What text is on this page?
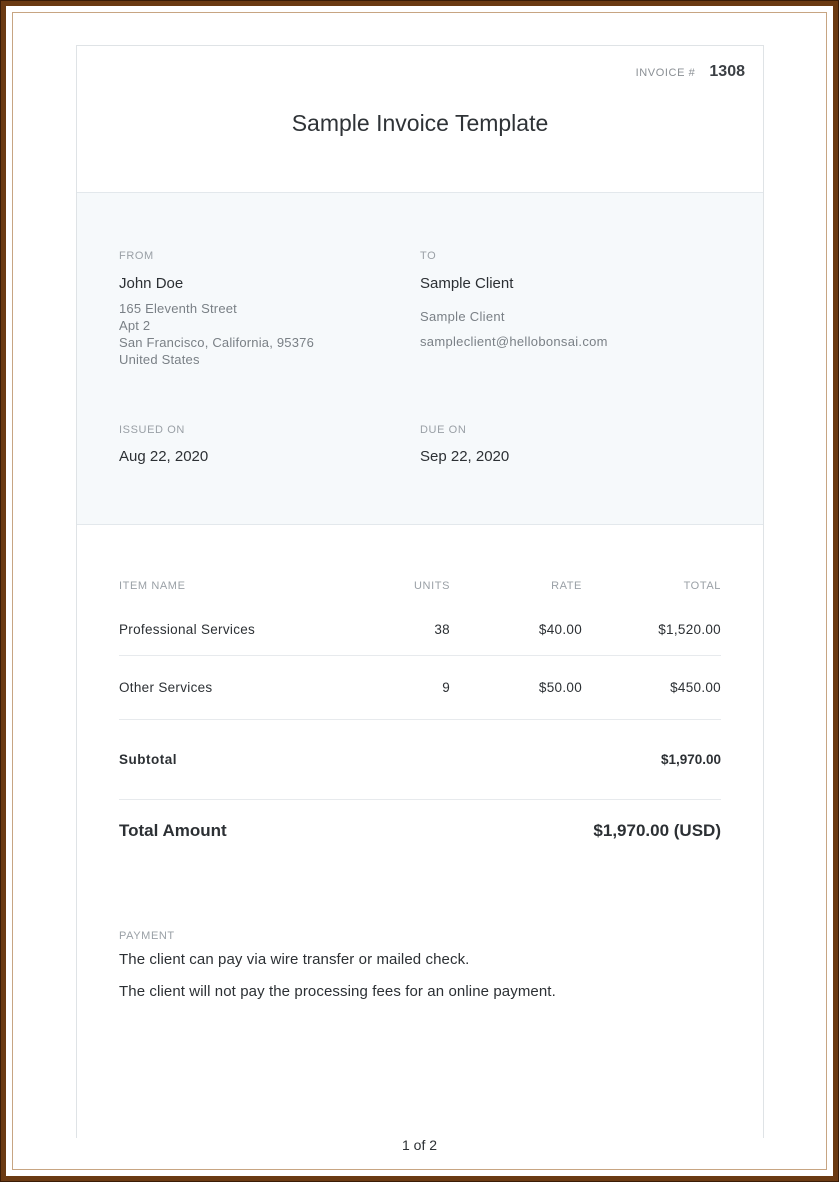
INVOICE # 1308
Sample Invoice Template
FROM
John Doe
165 Eleventh Street
Apt 2
San Francisco, California, 95376
United States
TO
Sample Client
Sample Client
sampleclient@hellobonsai.com
ISSUED ON
Aug 22, 2020
DUE ON
Sep 22, 2020
ITEM NAME	UNITS	RATE	TOTAL
Professional Services	38	$40.00	$1,520.00
Other Services	9	$50.00	$450.00
Subtotal	$1,970.00
Total Amount	$1,970.00 (USD)
PAYMENT
The client can pay via wire transfer or mailed check.
The client will not pay the processing fees for an online payment.
1 of 2
